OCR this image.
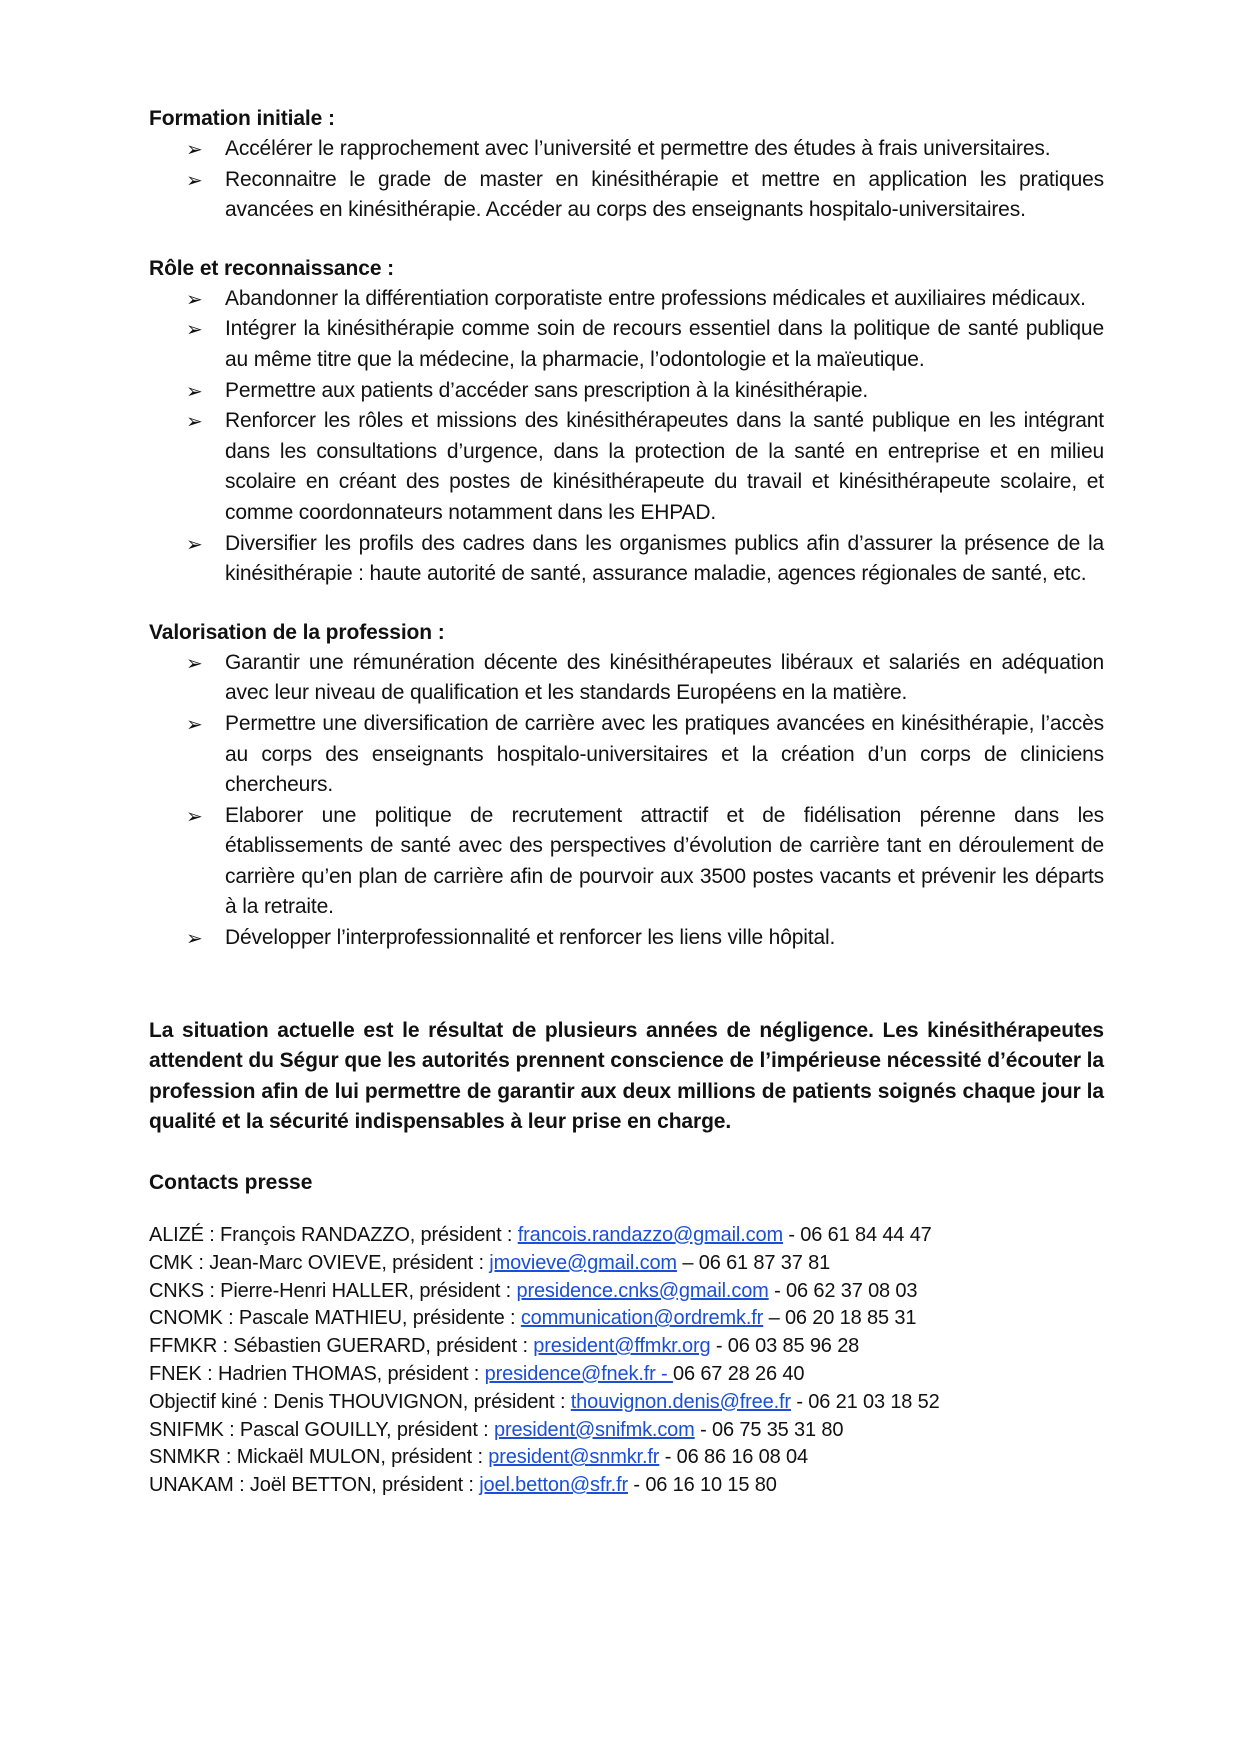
Formation initiale :

➢ Accélérer le rapprochement avec l’université et permettre des études à frais universitaires.
➢ Reconnaitre le grade de master en kinésithérapie et mettre en application les pratiques avancées en kinésithérapie. Accéder au corps des enseignants hospitalo-universitaires.

Rôle et reconnaissance :

➢ Abandonner la différentiation corporatiste entre professions médicales et auxiliaires médicaux.
➢ Intégrer la kinésithérapie comme soin de recours essentiel dans la politique de santé publique au même titre que la médecine, la pharmacie, l’odontologie et la maïeutique.
➢ Permettre aux patients d’accéder sans prescription à la kinésithérapie.
➢ Renforcer les rôles et missions des kinésithérapeutes dans la santé publique en les intégrant dans les consultations d’urgence, dans la protection de la santé en entreprise et en milieu scolaire en créant des postes de kinésithérapeute du travail et kinésithérapeute scolaire, et comme coordonnateurs notamment dans les EHPAD.
➢ Diversifier les profils des cadres dans les organismes publics afin d’assurer la présence de la kinésithérapie : haute autorité de santé, assurance maladie, agences régionales de santé, etc.

Valorisation de la profession :

➢ Garantir une rémunération décente des kinésithérapeutes libéraux et salariés en adéquation avec leur niveau de qualification et les standards Européens en la matière.
➢ Permettre une diversification de carrière avec les pratiques avancées en kinésithérapie, l’accès au corps des enseignants hospitalo-universitaires et la création d’un corps de cliniciens chercheurs.
➢ Elaborer une politique de recrutement attractif et de fidélisation pérenne dans les établissements de santé avec des perspectives d’évolution de carrière tant en déroulement de carrière qu’en plan de carrière afin de pourvoir aux 3500 postes vacants et prévenir les départs à la retraite.
➢ Développer l’interprofessionnalité et renforcer les liens ville hôpital.

La situation actuelle est le résultat de plusieurs années de négligence. Les kinésithérapeutes attendent du Ségur que les autorités prennent conscience de l’impérieuse nécessité d’écouter la profession afin de lui permettre de garantir aux deux millions de patients soignés chaque jour la qualité et la sécurité indispensables à leur prise en charge.

Contacts presse

ALIZÉ : François RANDAZZO, président : francois.randazzo@gmail.com - 06 61 84 44 47
CMK : Jean-Marc OVIEVE, président : jmovieve@gmail.com – 06 61 87 37 81
CNKS : Pierre-Henri HALLER, président : presidence.cnks@gmail.com - 06 62 37 08 03
CNOMK : Pascale MATHIEU, présidente : communication@ordremk.fr – 06 20 18 85 31
FFMKR : Sébastien GUERARD, président : president@ffmkr.org - 06 03 85 96 28
FNEK : Hadrien THOMAS, président : presidence@fnek.fr - 06 67 28 26 40
Objectif kiné : Denis THOUVIGNON, président : thouvignon.denis@free.fr - 06 21 03 18 52
SNIFMK : Pascal GOUILLY, président : president@snifmk.com - 06 75 35 31 80
SNMKR : Mickaël MULON, président : president@snmkr.fr - 06 86 16 08 04
UNAKAM : Joël BETTON, président : joel.betton@sfr.fr - 06 16 10 15 80
